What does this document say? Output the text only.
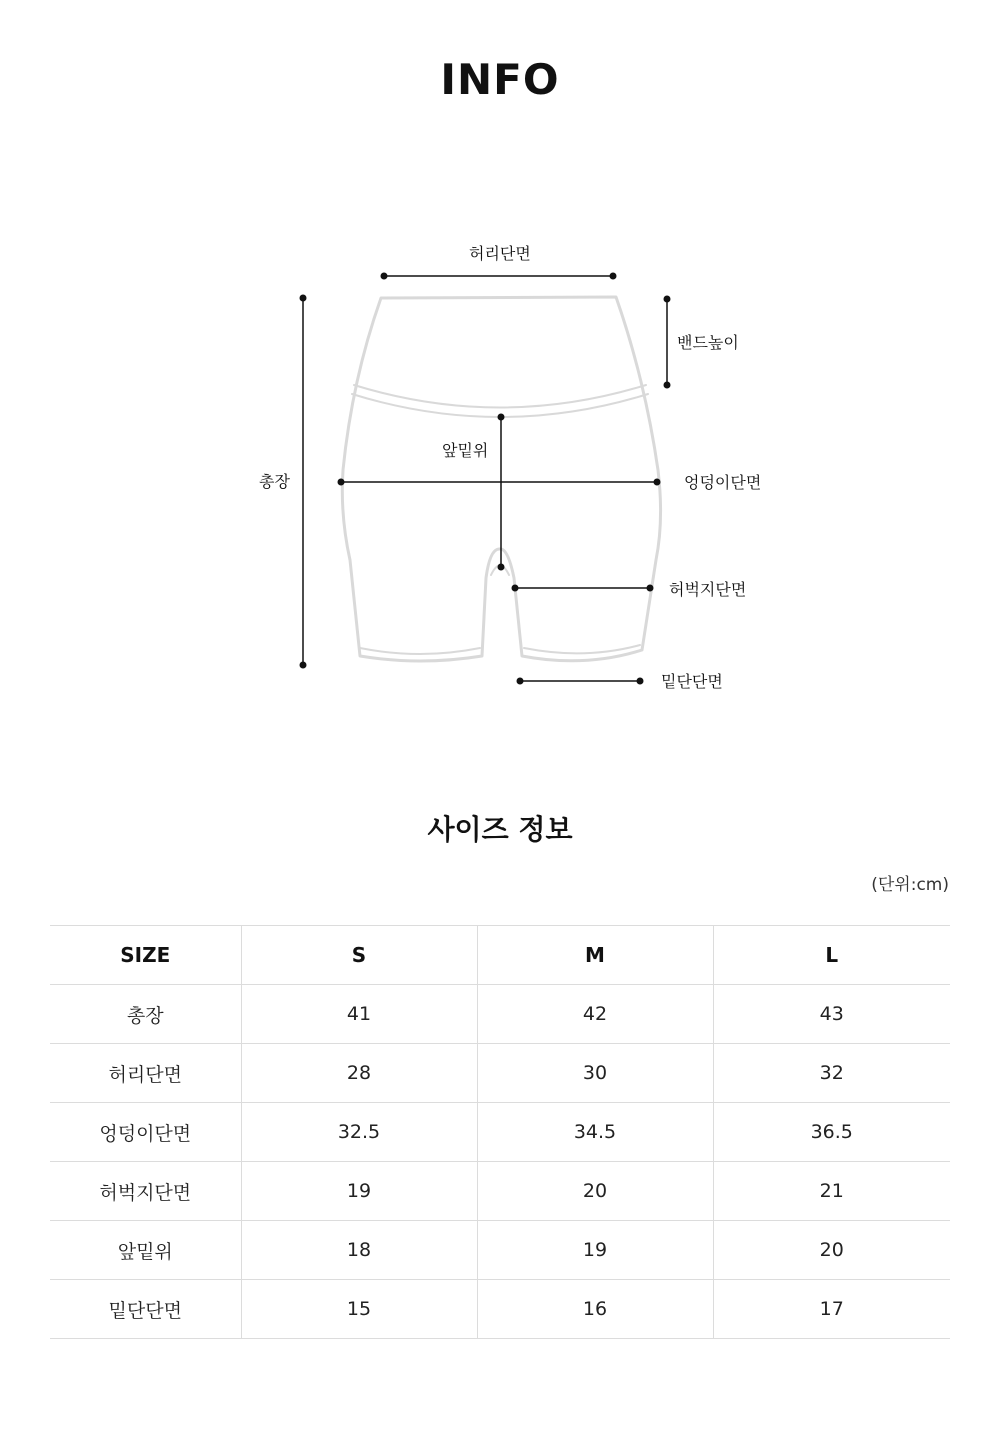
INFO
허리단면
밴드높이
총장
앞밑위
엉덩이단면
허벅지단면
밑단단면
사이즈 정보
(단위:cm)
SIZE	S	M	L
총장	41	42	43
허리단면	28	30	32
엉덩이단면	32.5	34.5	36.5
허벅지단면	19	20	21
앞밑위	18	19	20
밑단단면	15	16	17
